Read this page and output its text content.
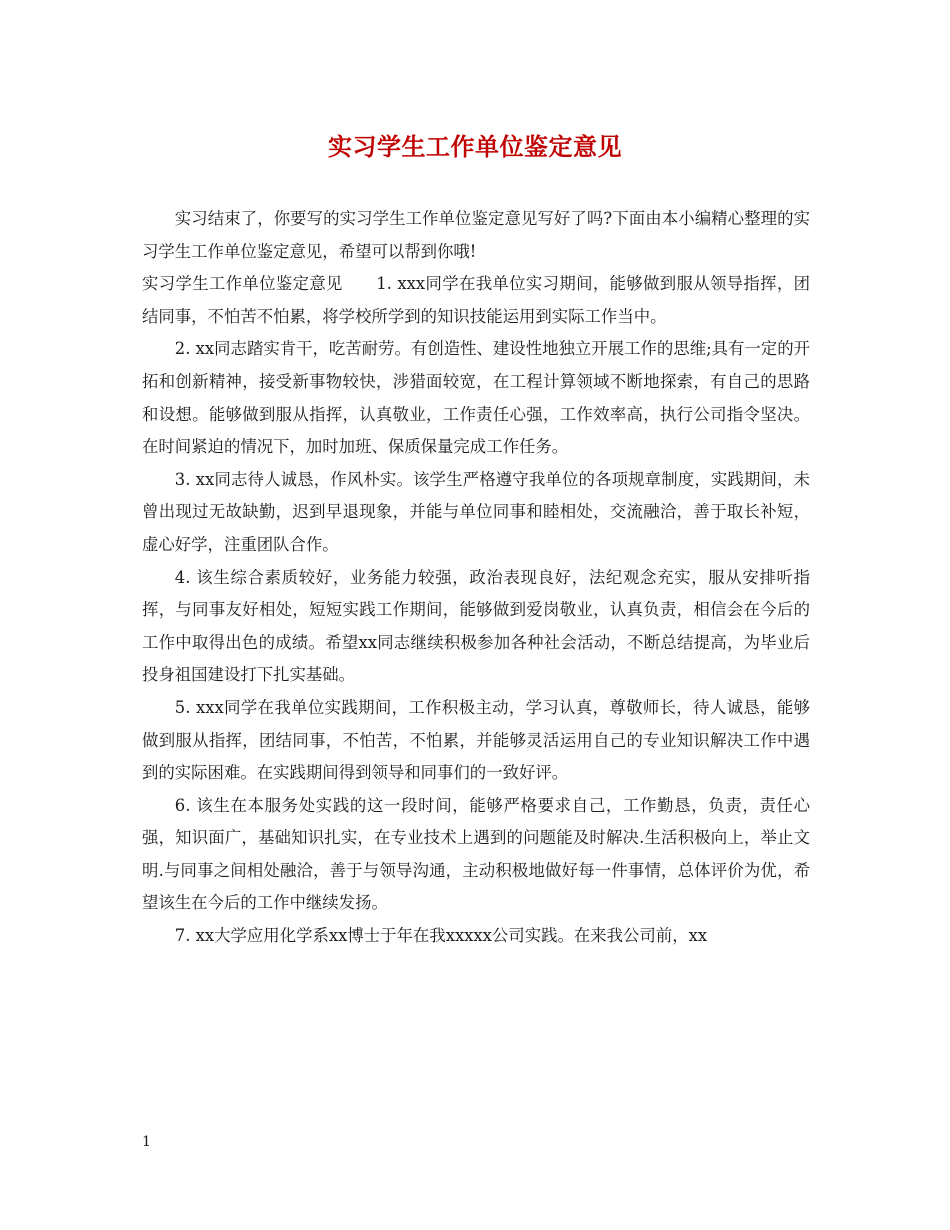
实习学生工作单位鉴定意见

实习结束了，你要写的实习学生工作单位鉴定意见写好了吗?下面由本小编精心整理的实习学生工作单位鉴定意见，希望可以帮到你哦!

实习学生工作单位鉴定意见　　1. xxx同学在我单位实习期间，能够做到服从领导指挥，团结同事，不怕苦不怕累，将学校所学到的知识技能运用到实际工作当中。

2. xx同志踏实肯干，吃苦耐劳。有创造性、建设性地独立开展工作的思维;具有一定的开拓和创新精神，接受新事物较快，涉猎面较宽，在工程计算领域不断地探索，有自己的思路和设想。能够做到服从指挥，认真敬业，工作责任心强，工作效率高，执行公司指令坚决。在时间紧迫的情况下，加时加班、保质保量完成工作任务。

3. xx同志待人诚恳，作风朴实。该学生严格遵守我单位的各项规章制度，实践期间，未曾出现过无故缺勤，迟到早退现象，并能与单位同事和睦相处，交流融洽，善于取长补短，虚心好学，注重团队合作。

4. 该生综合素质较好，业务能力较强，政治表现良好，法纪观念充实，服从安排听指挥，与同事友好相处，短短实践工作期间，能够做到爱岗敬业，认真负责，相信会在今后的工作中取得出色的成绩。希望xx同志继续积极参加各种社会活动，不断总结提高，为毕业后投身祖国建设打下扎实基础。

5. xxx同学在我单位实践期间，工作积极主动，学习认真，尊敬师长，待人诚恳，能够做到服从指挥，团结同事，不怕苦，不怕累，并能够灵活运用自己的专业知识解决工作中遇到的实际困难。在实践期间得到领导和同事们的一致好评。

6. 该生在本服务处实践的这一段时间，能够严格要求自己，工作勤恳，负责，责任心强，知识面广，基础知识扎实，在专业技术上遇到的问题能及时解决.生活积极向上，举止文明.与同事之间相处融洽，善于与领导沟通，主动积极地做好每一件事情，总体评价为优，希望该生在今后的工作中继续发扬。

7. xx大学应用化学系xx博士于年在我xxxxx公司实践。在来我公司前，xx

1
